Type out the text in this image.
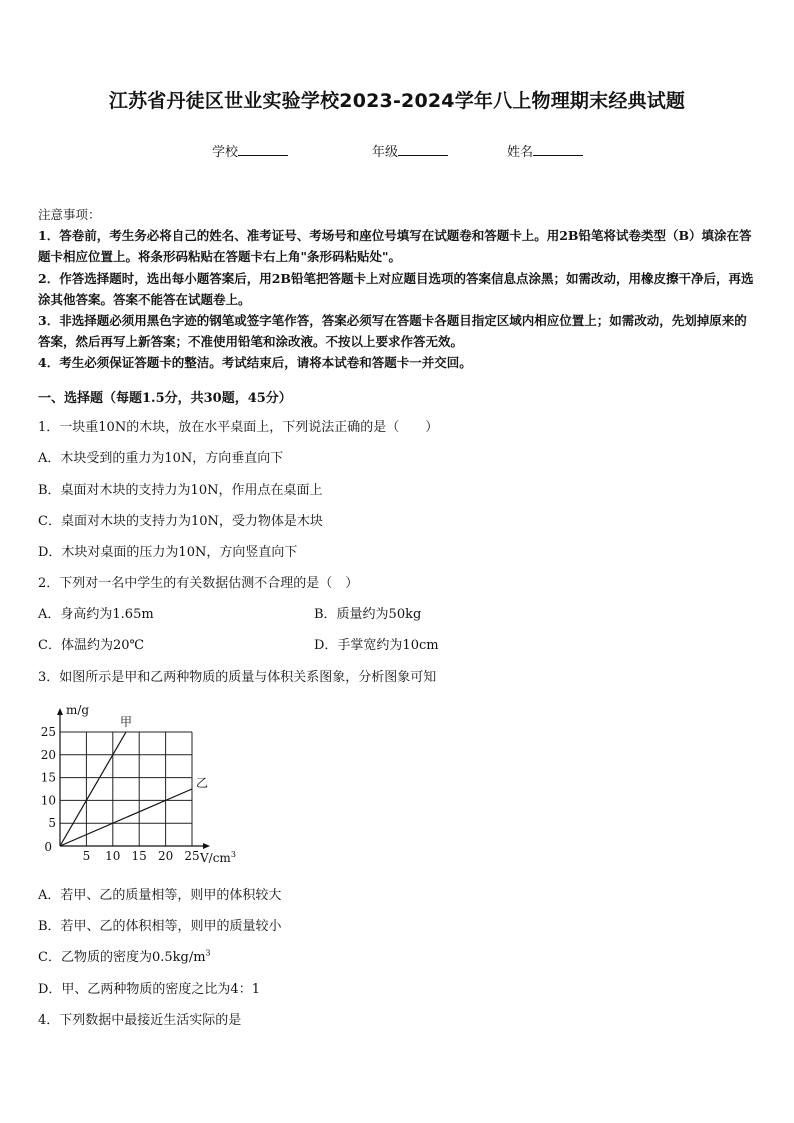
江苏省丹徒区世业实验学校2023-2024学年八上物理期末经典试题
学校	年级	姓名

注意事项：

1．答卷前，考生务必将自己的姓名、准考证号、考场号和座位号填写在试题卷和答题卡上。用2B铅笔将试卷类型（B）填涂在答题卡相应位置上。将条形码粘贴在答题卡右上角"条形码粘贴处"。

2．作答选择题时，选出每小题答案后，用2B铅笔把答题卡上对应题目选项的答案信息点涂黑；如需改动，用橡皮擦干净后，再选涂其他答案。答案不能答在试题卷上。

3．非选择题必须用黑色字迹的钢笔或签字笔作答，答案必须写在答题卡各题目指定区域内相应位置上；如需改动，先划掉原来的答案，然后再写上新答案；不准使用铅笔和涂改液。不按以上要求作答无效。

4．考生必须保证答题卡的整洁。考试结束后，请将本试卷和答题卡一并交回。

一、选择题（每题1.5分，共30题，45分）
1．一块重10N的木块，放在水平桌面上，下列说法正确的是（　　）
A．木块受到的重力为10N，方向垂直向下
B．桌面对木块的支持力为10N，作用点在桌面上
C．桌面对木块的支持力为10N，受力物体是木块
D．木块对桌面的压力为10N，方向竖直向下
2．下列对一名中学生的有关数据估测不合理的是（　）
A．身高约为1.65m	B．质量约为50kg
C．体温约为20℃	D．手掌宽约为10cm
3．如图所示是甲和乙两种物质的质量与体积关系图象，分析图象可知
5 10 15 20 25
5
10
15
20
25
0
m/g
$V/cm^3$
甲
乙
A．若甲、乙的质量相等，则甲的体积较大
B．若甲、乙的体积相等，则甲的质量较小
C．乙物质的密度为$0.5kg/m^3$
D．甲、乙两种物质的密度之比为4：1
4．下列数据中最接近生活实际的是
